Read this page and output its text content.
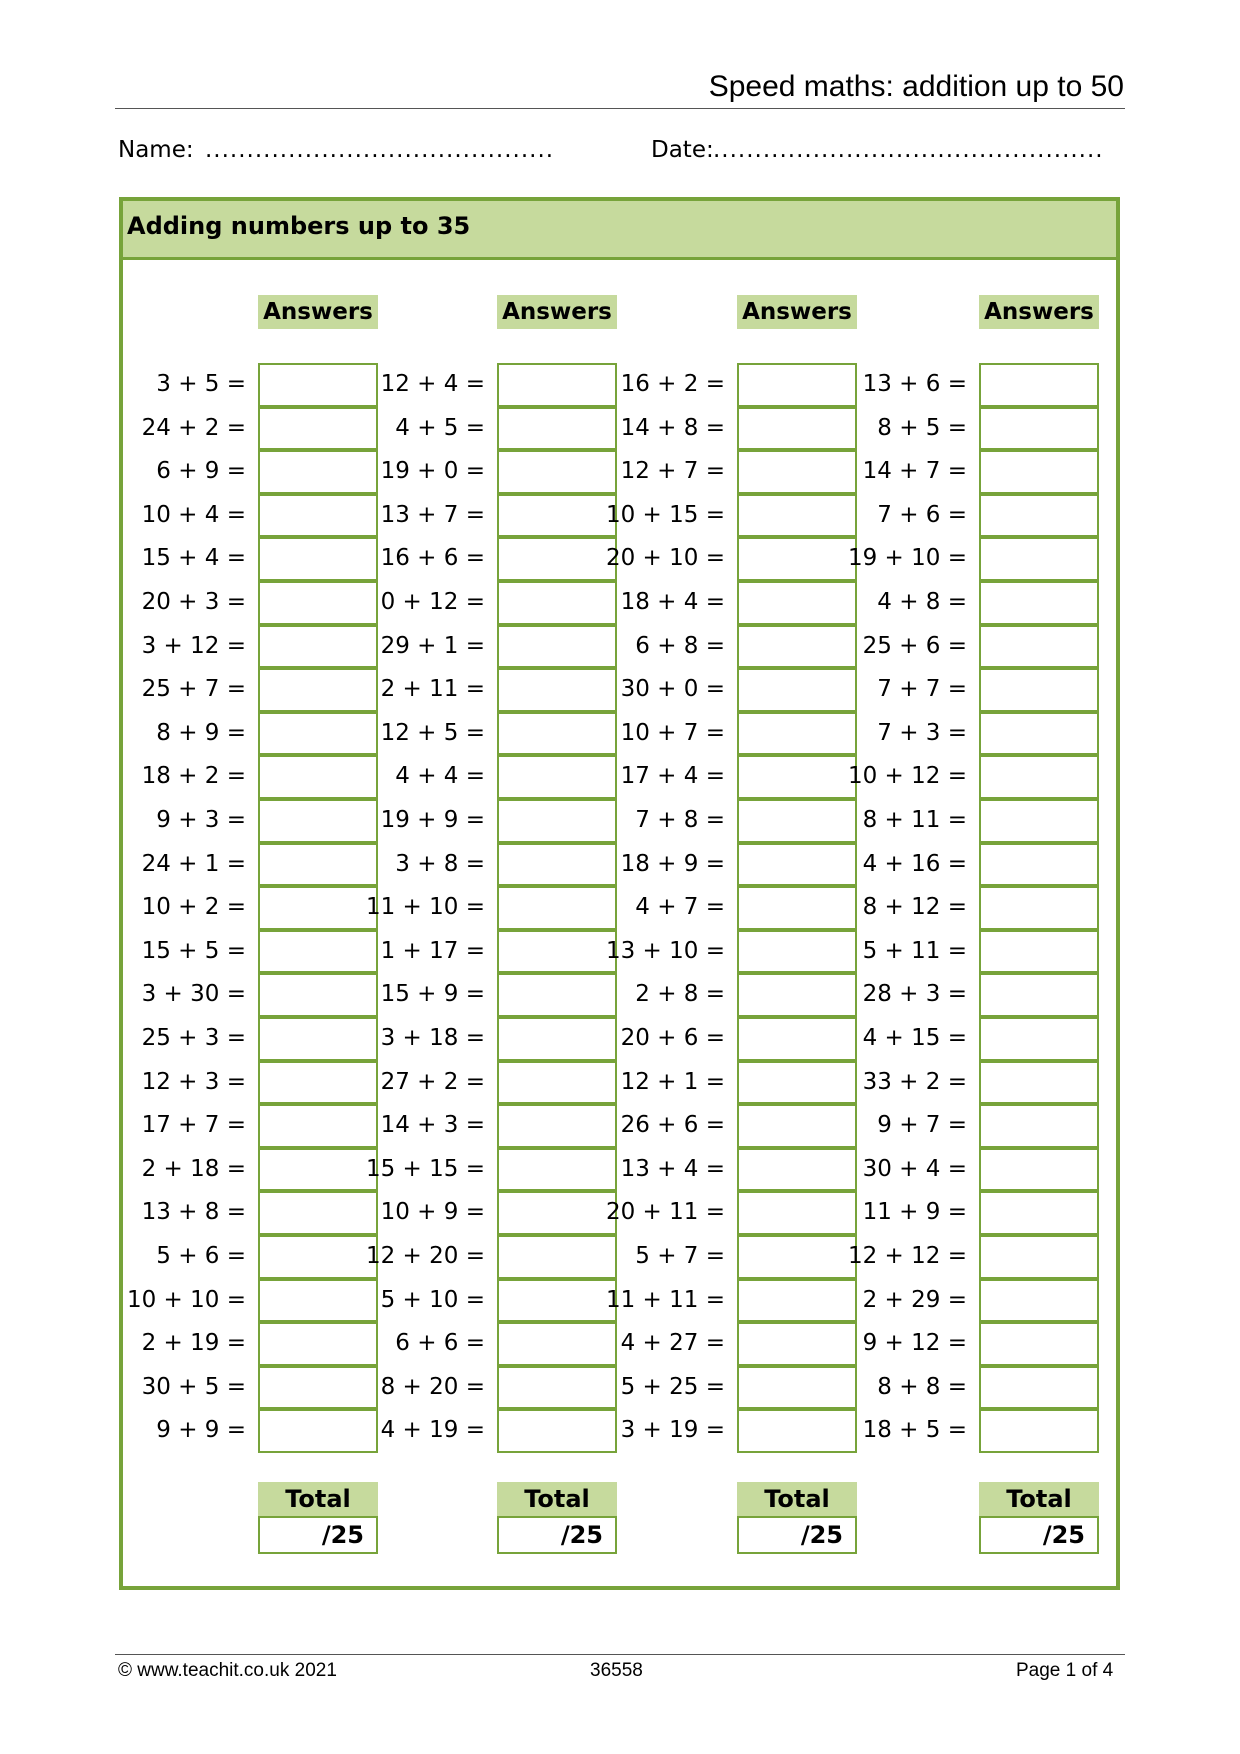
Speed maths: addition up to 50
Name: ..........................................	Date: ...............................................
Adding numbers up to 35
Answers
3 + 5 =
24 + 2 =
6 + 9 =
10 + 4 =
15 + 4 =
20 + 3 =
3 + 12 =
25 + 7 =
8 + 9 =
18 + 2 =
9 + 3 =
24 + 1 =
10 + 2 =
15 + 5 =
3 + 30 =
25 + 3 =
12 + 3 =
17 + 7 =
2 + 18 =
13 + 8 =
5 + 6 =
10 + 10 =
2 + 19 =
30 + 5 =
9 + 9 =
Total
/25
Answers
12 + 4 =
4 + 5 =
19 + 0 =
13 + 7 =
16 + 6 =
0 + 12 =
29 + 1 =
2 + 11 =
12 + 5 =
4 + 4 =
19 + 9 =
3 + 8 =
11 + 10 =
1 + 17 =
15 + 9 =
3 + 18 =
27 + 2 =
14 + 3 =
15 + 15 =
10 + 9 =
12 + 20 =
5 + 10 =
6 + 6 =
8 + 20 =
4 + 19 =
Total
/25
Answers
16 + 2 =
14 + 8 =
12 + 7 =
10 + 15 =
20 + 10 =
18 + 4 =
6 + 8 =
30 + 0 =
10 + 7 =
17 + 4 =
7 + 8 =
18 + 9 =
4 + 7 =
13 + 10 =
2 + 8 =
20 + 6 =
12 + 1 =
26 + 6 =
13 + 4 =
20 + 11 =
5 + 7 =
11 + 11 =
4 + 27 =
5 + 25 =
3 + 19 =
Total
/25
Answers
13 + 6 =
8 + 5 =
14 + 7 =
7 + 6 =
19 + 10 =
4 + 8 =
25 + 6 =
7 + 7 =
7 + 3 =
10 + 12 =
8 + 11 =
4 + 16 =
8 + 12 =
5 + 11 =
28 + 3 =
4 + 15 =
33 + 2 =
9 + 7 =
30 + 4 =
11 + 9 =
12 + 12 =
2 + 29 =
9 + 12 =
8 + 8 =
18 + 5 =
Total
/25
© www.teachit.co.uk 2021	36558	Page 1 of 4
